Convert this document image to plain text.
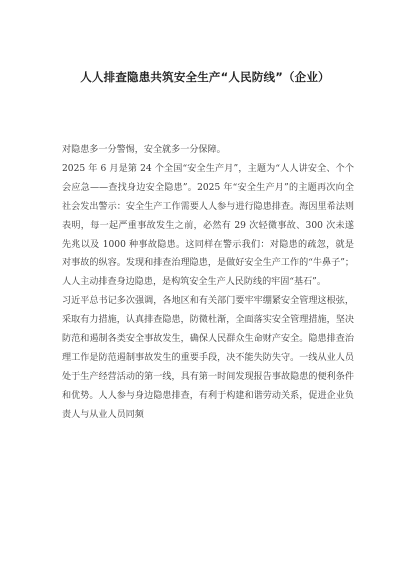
人人排查隐患共筑安全生产“人民防线”（企业）

对隐患多一分警惕，安全就多一分保障。

2025 年 6 月是第 24 个全国“安全生产月”，主题为“人人讲安全、个个会应急——查找身边安全隐患”。2025 年“安全生产月”的主题再次向全社会发出警示：安全生产工作需要人人参与进行隐患排查。海因里希法则表明，每一起严重事故发生之前，必然有 29 次轻微事故、300 次未遂先兆以及 1000 种事故隐患。这同样在警示我们：对隐患的疏忽，就是对事故的纵容。发现和排查治理隐患，是做好安全生产工作的“牛鼻子”；人人主动排查身边隐患，是构筑安全生产人民防线的牢固“基石”。

习近平总书记多次强调，各地区和有关部门要牢牢绷紧安全管理这根弦， 采取有力措施，认真排查隐患，防微杜渐，全面落实安全管理措施，坚决防范和遏制各类安全事故发生，确保人民群众生命财产安全。隐患排查治理工作是防范遏制事故发生的重要手段，决不能失防失守。一线从业人员处于生产经营活动的第一线，具有第一时间发现报告事故隐患的便利条件和优势。人人参与身边隐患排查，有利于构建和谐劳动关系，促进企业负责人与从业人员同频
